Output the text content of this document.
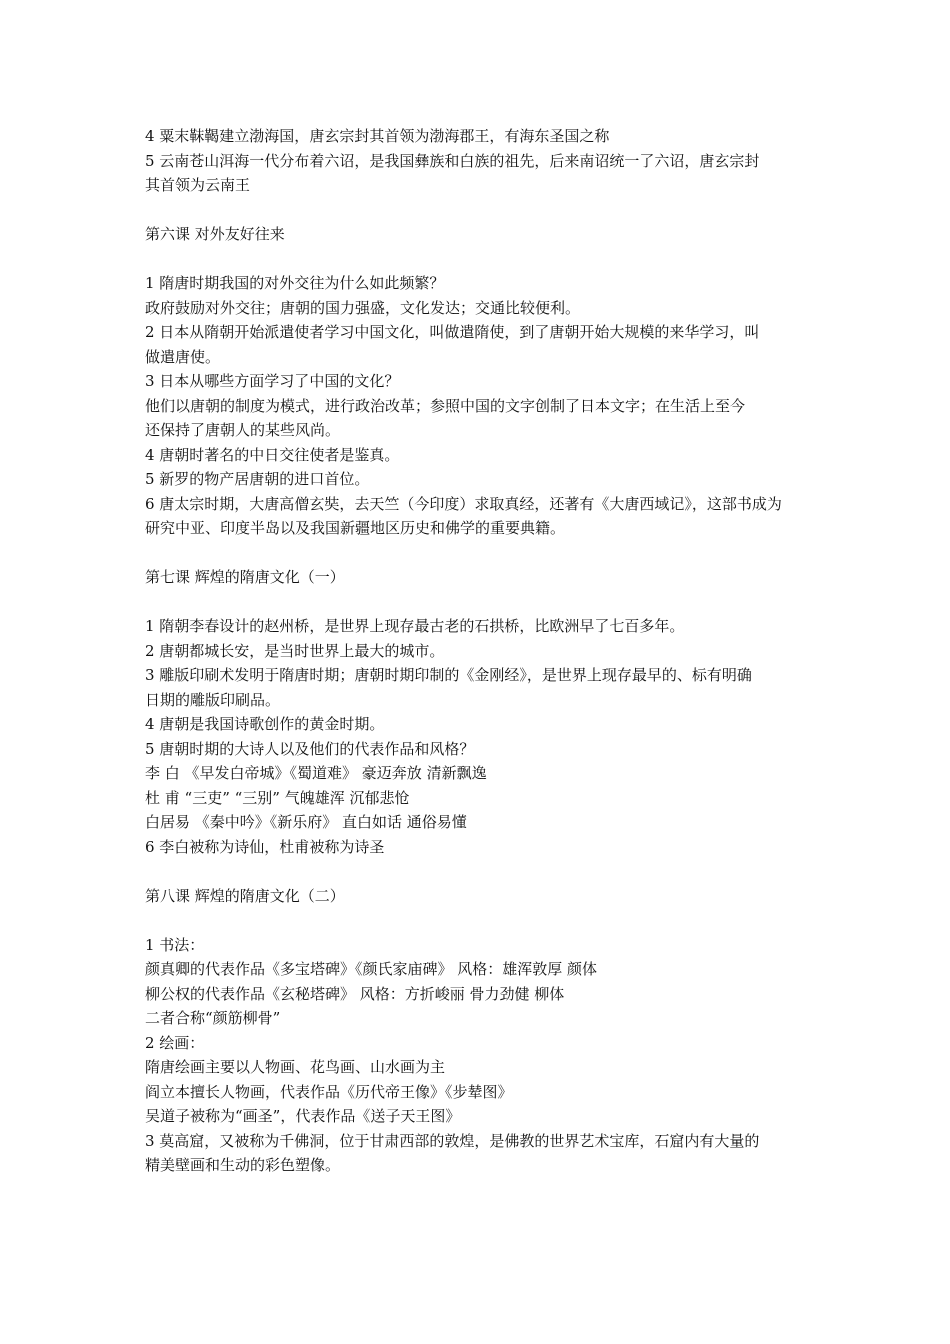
4 粟末靺鞨建立渤海国，唐玄宗封其首领为渤海郡王，有海东圣国之称
5 云南苍山洱海一代分布着六诏，是我国彝族和白族的祖先，后来南诏统一了六诏，唐玄宗封
其首领为云南王
第六课 对外友好往来
1 隋唐时期我国的对外交往为什么如此频繁？
政府鼓励对外交往；唐朝的国力强盛，文化发达；交通比较便利。
2 日本从隋朝开始派遣使者学习中国文化，叫做遣隋使，到了唐朝开始大规模的来华学习，叫
做遣唐使。
3 日本从哪些方面学习了中国的文化？
他们以唐朝的制度为模式，进行政治改革；参照中国的文字创制了日本文字；在生活上至今
还保持了唐朝人的某些风尚。
4 唐朝时著名的中日交往使者是鉴真。
5 新罗的物产居唐朝的进口首位。
6 唐太宗时期，大唐高僧玄奘，去天竺（今印度）求取真经，还著有《大唐西域记》，这部书成为
研究中亚、印度半岛以及我国新疆地区历史和佛学的重要典籍。
第七课 辉煌的隋唐文化（一）
1 隋朝李春设计的赵州桥，是世界上现存最古老的石拱桥，比欧洲早了七百多年。
2 唐朝都城长安，是当时世界上最大的城市。
3 雕版印刷术发明于隋唐时期；唐朝时期印制的《金刚经》，是世界上现存最早的、标有明确
日期的雕版印刷品。
4 唐朝是我国诗歌创作的黄金时期。
5 唐朝时期的大诗人以及他们的代表作品和风格？
李 白 《早发白帝城》《蜀道难》 豪迈奔放 清新飘逸
杜 甫 “三吏” “三别” 气魄雄浑 沉郁悲怆
白居易 《秦中吟》《新乐府》 直白如话 通俗易懂
6 李白被称为诗仙，杜甫被称为诗圣
第八课 辉煌的隋唐文化（二）
1 书法：
颜真卿的代表作品《多宝塔碑》《颜氏家庙碑》 风格：雄浑敦厚 颜体
柳公权的代表作品《玄秘塔碑》 风格：方折峻丽 骨力劲健 柳体
二者合称“颜筋柳骨”
2 绘画：
隋唐绘画主要以人物画、花鸟画、山水画为主
阎立本擅长人物画，代表作品《历代帝王像》《步辇图》
吴道子被称为“画圣”，代表作品《送子天王图》
3 莫高窟，又被称为千佛洞，位于甘肃西部的敦煌，是佛教的世界艺术宝库，石窟内有大量的
精美壁画和生动的彩色塑像。
